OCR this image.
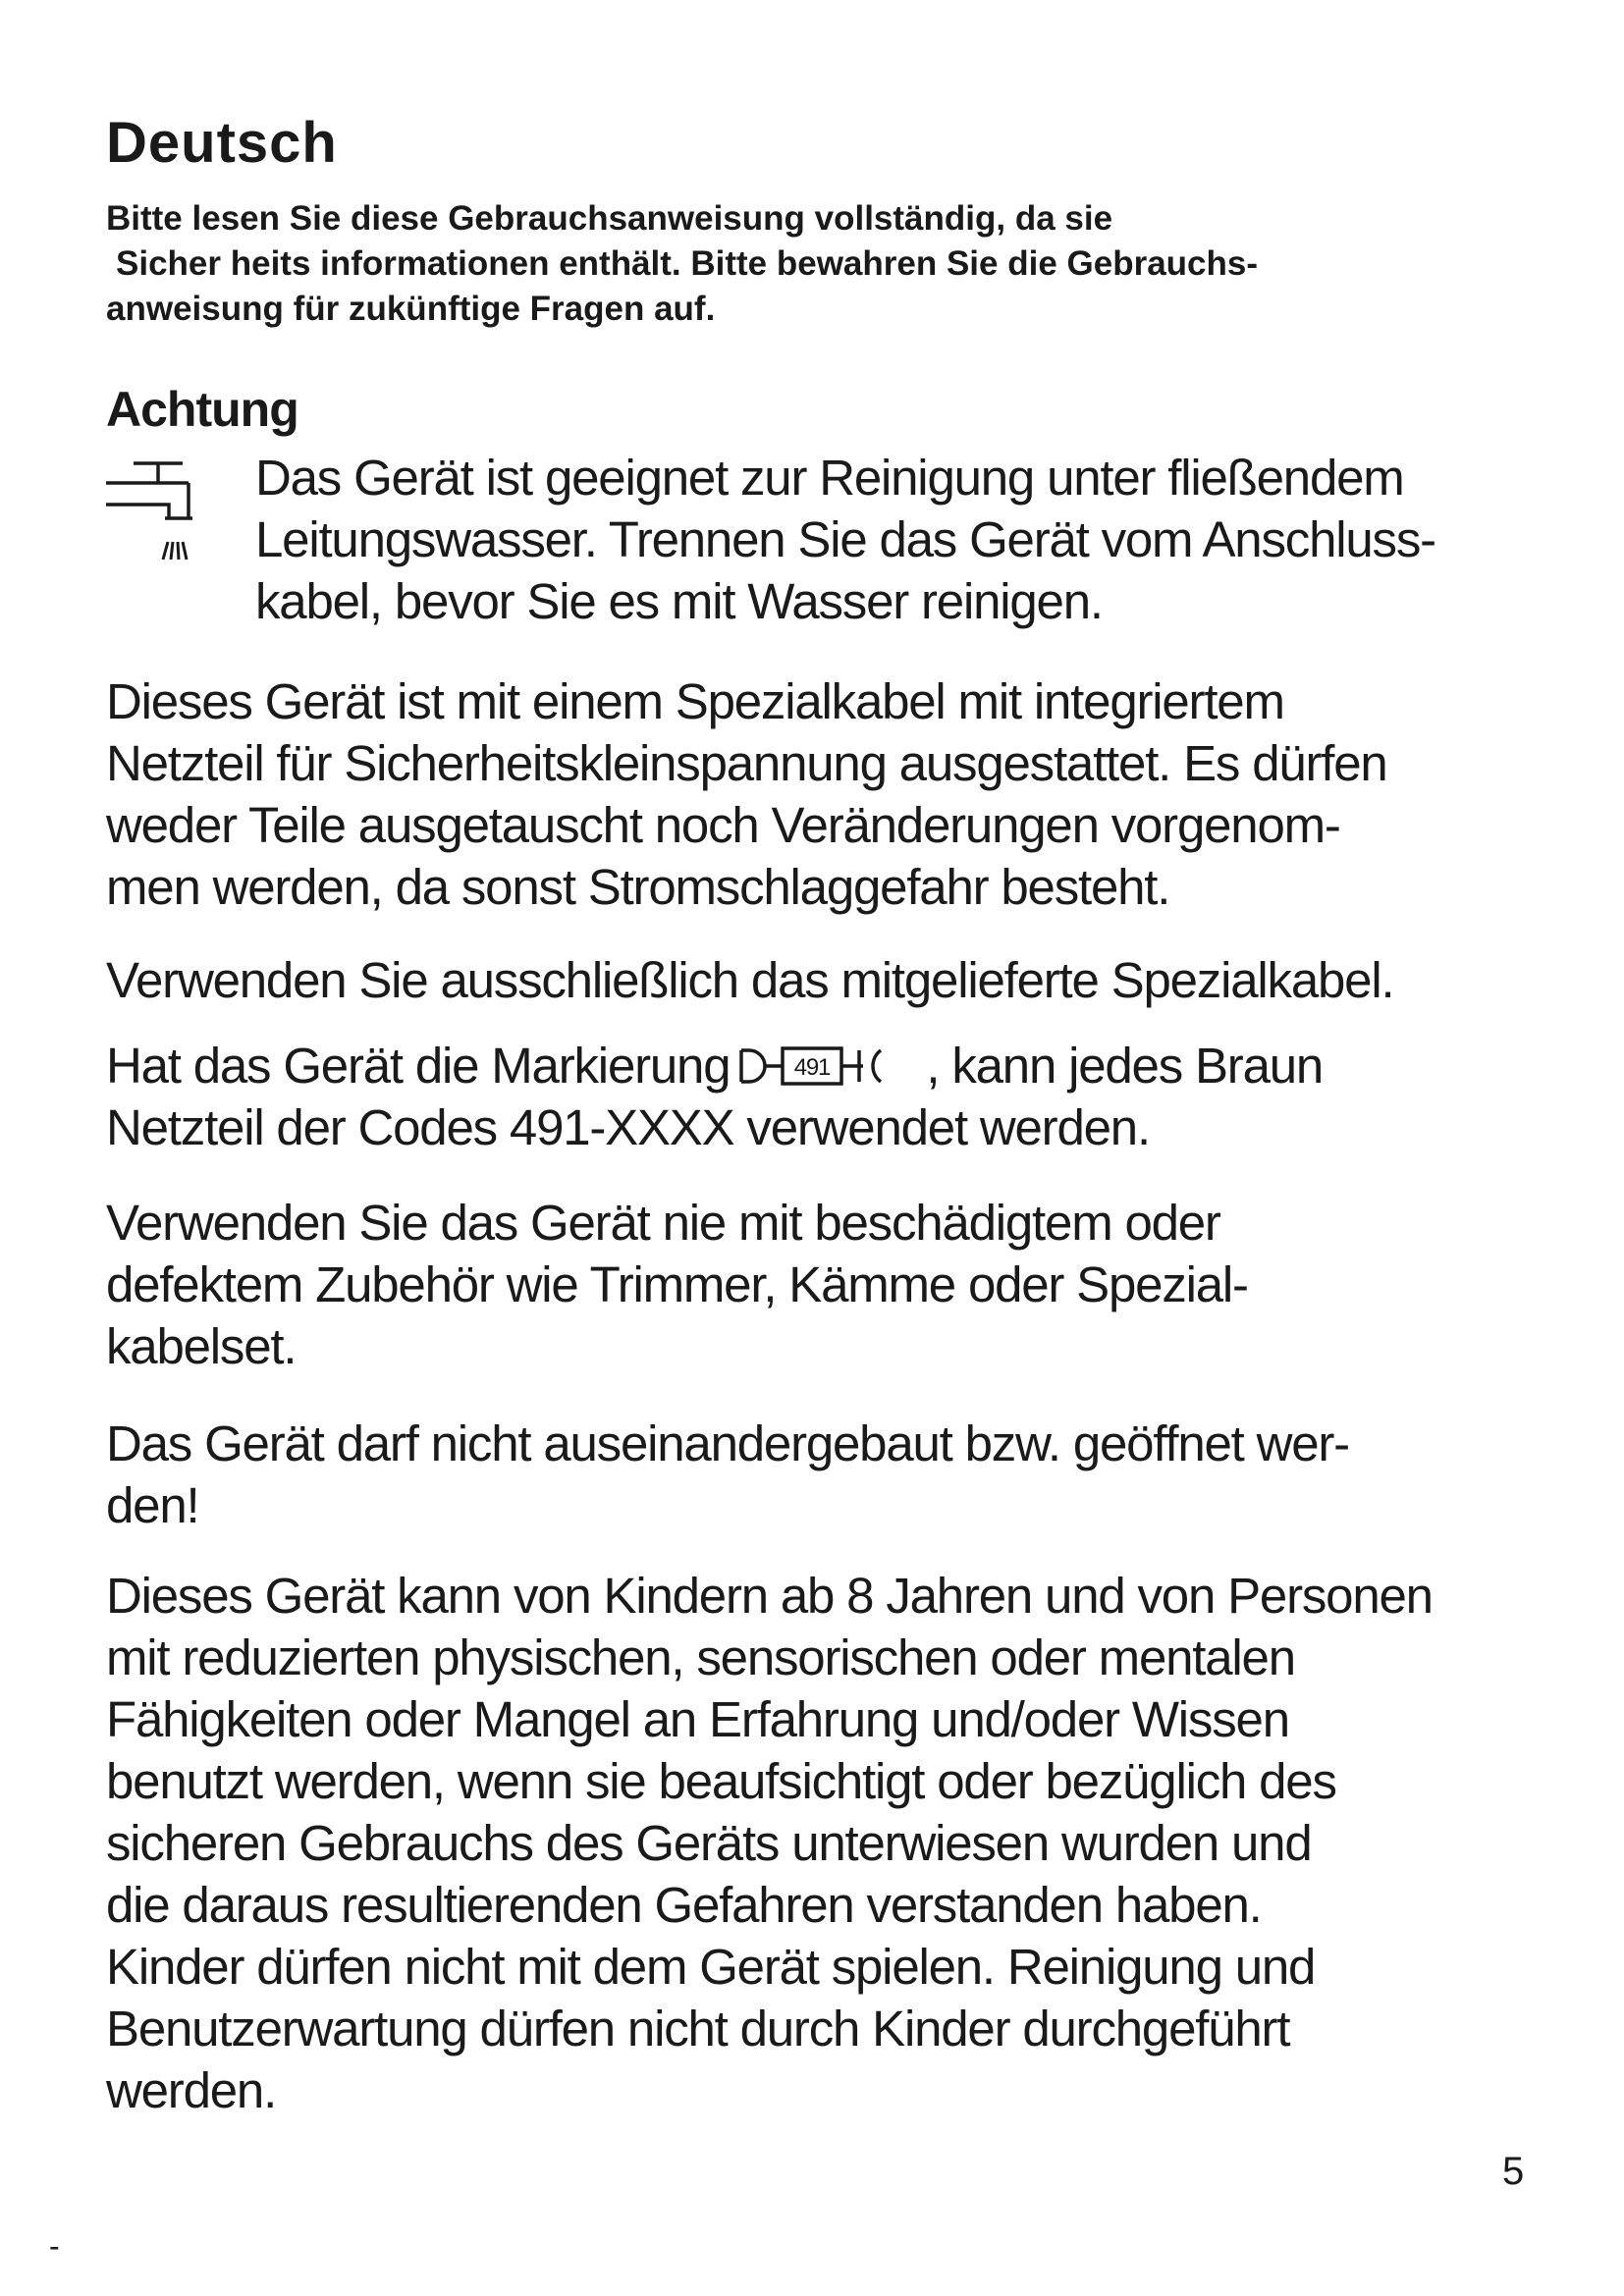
Deutsch

Bitte lesen Sie diese Gebrauchsanweisung vollständig, da sie
Sicher heits informationen enthält. Bitte bewahren Sie die Gebrauchs-
anweisung für zukünftige Fragen auf.

Achtung

Das Gerät ist geeignet zur Reinigung unter fließendem
Leitungswasser. Trennen Sie das Gerät vom Anschluss-
kabel, bevor Sie es mit Wasser reinigen.

Dieses Gerät ist mit einem Spezialkabel mit integriertem
Netzteil für Sicherheitskleinspannung ausgestattet. Es dürfen
weder Teile ausgetauscht noch Veränderungen vorgenom-
men werden, da sonst Stromschlaggefahr besteht.

Verwenden Sie ausschließlich das mitgelieferte Spezialkabel.

Hat das Gerät die Markierung	491 , kann jedes Braun
Netzteil der Codes 491-XXXX verwendet werden.

Verwenden Sie das Gerät nie mit beschädigtem oder
defektem Zubehör wie Trimmer, Kämme oder Spezial-
kabelset.

Das Gerät darf nicht auseinandergebaut bzw. geöffnet wer-
den!

Dieses Gerät kann von Kindern ab 8 Jahren und von Personen
mit reduzierten physischen, sensorischen oder mentalen
Fähigkeiten oder Mangel an Erfahrung und/oder Wissen
benutzt werden, wenn sie beaufsichtigt oder bezüglich des
sicheren Gebrauchs des Geräts unterwiesen wurden und
die daraus resultierenden Gefahren verstanden haben.
Kinder dürfen nicht mit dem Gerät spielen. Reinigung und
Benutzerwartung dürfen nicht durch Kinder durchgeführt
werden.

5

-
